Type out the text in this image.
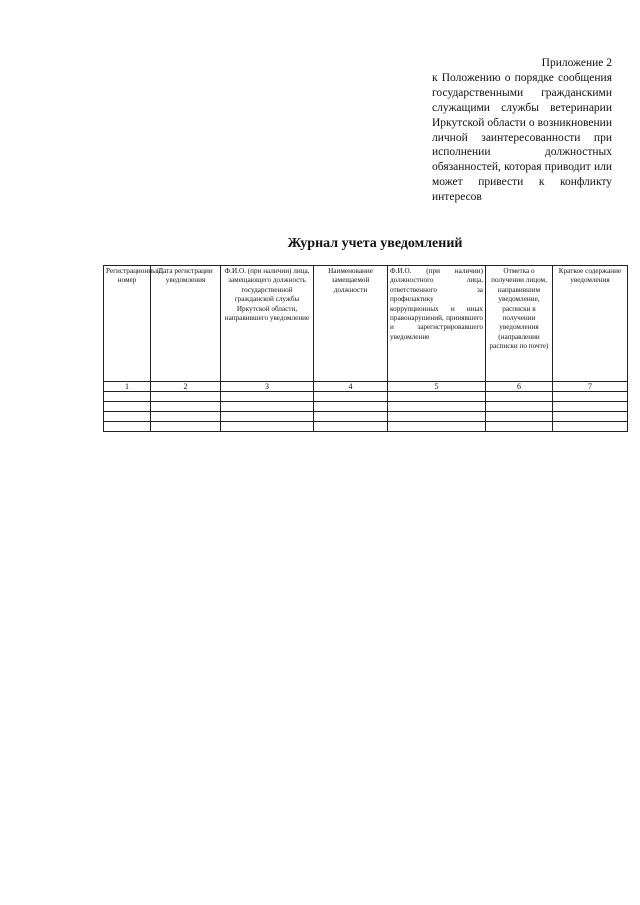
Приложение 2
к Положению о порядке сообщения государственными гражданскими служащими службы ветеринарии Иркутской области о возникновении личной заинтересованности при исполнении должностных обязанностей, которая приводит или может привести к конфликту интересов
Журнал учета уведомлений
Регистрационный номер	Дата регистрации уведомления	Ф.И.О. (при наличии) лица, замещающего должность государственной гражданской службы Иркутской области, направившего уведомление	Наименование замещаемой должности	Ф.И.О. (при наличии) должностного лица, ответственного за профилактику коррупционных и иных правонарушений, принявшего и зарегистрировавшего уведомление	Отметка о получении лицом, направившим уведомление, расписки в получении уведомления (направлении расписки по почте)	Краткое содержание уведомления
1	2	3	4	5	6	7
